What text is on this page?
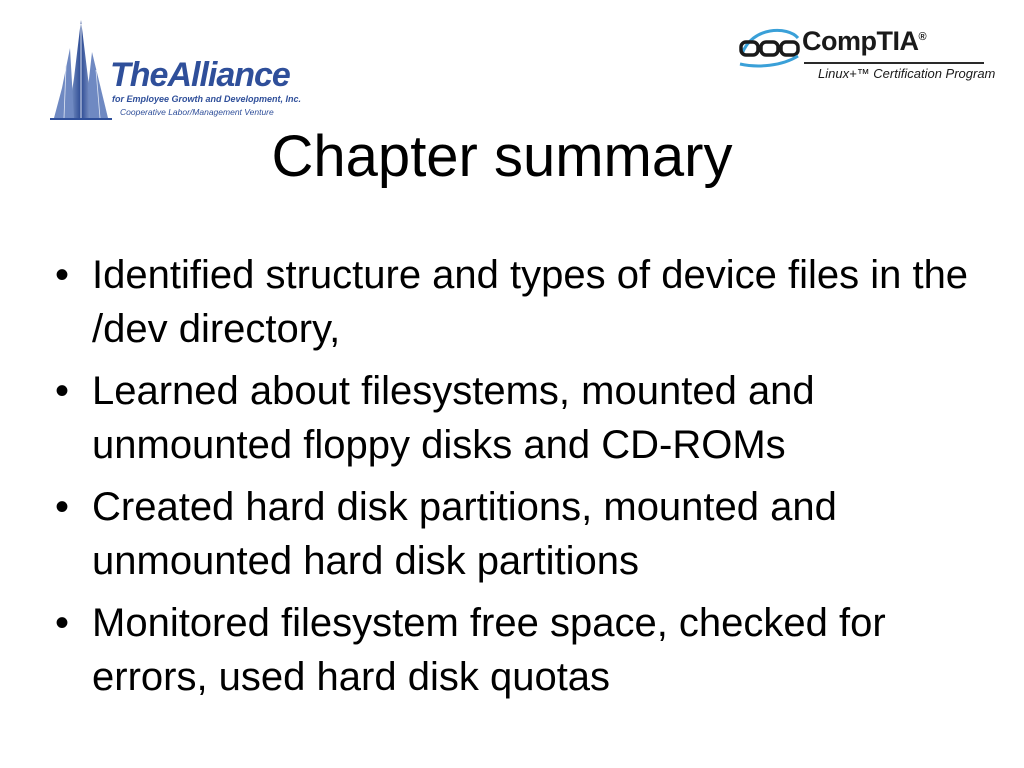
TheAlliance
for Employee Growth and Development, Inc.
Cooperative Labor/Management Venture
CompTIA®
Linux+™ Certification Program
Chapter summary
• Identified structure and types of device files in the /dev directory,
• Learned about filesystems, mounted and unmounted floppy disks and CD-ROMs
• Created hard disk partitions, mounted and unmounted hard disk partitions
• Monitored filesystem free space, checked for errors, used hard disk quotas
